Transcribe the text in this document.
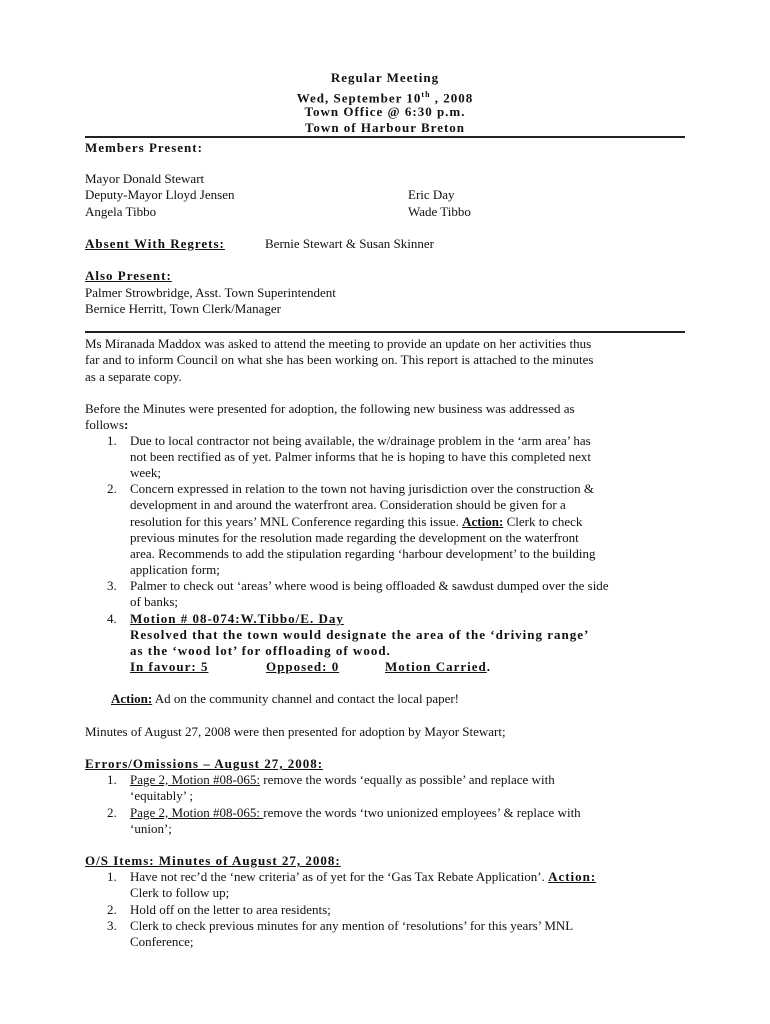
Regular Meeting
Wed, September 10th , 2008
Town Office @ 6:30 p.m.
Town of Harbour Breton
Members Present:
Mayor Donald Stewart
Deputy-Mayor Lloyd Jensen
Angela Tibbo
Eric Day
Wade Tibbo
Absent With Regrets:	Bernie Stewart & Susan Skinner
Also Present:
Palmer Strowbridge, Asst. Town Superintendent
Bernice Herritt, Town Clerk/Manager
Ms Miranada Maddox was asked to attend the meeting to provide an update on her activities thus
far and to inform Council on what she has been working on. This report is attached to the minutes
as a separate copy.
Before the Minutes were presented for adoption, the following new business was addressed as
follows:
1. Due to local contractor not being available, the w/drainage problem in the ‘arm area’ has
not been rectified as of yet. Palmer informs that he is hoping to have this completed next
week;
2. Concern expressed in relation to the town not having jurisdiction over the construction &
development in and around the waterfront area. Consideration should be given for a
resolution for this years’ MNL Conference regarding this issue. Action: Clerk to check
previous minutes for the resolution made regarding the development on the waterfront
area. Recommends to add the stipulation regarding ‘harbour development’ to the building
application form;
3. Palmer to check out ‘areas’ where wood is being offloaded & sawdust dumped over the side
of banks;
4. Motion # 08-074:W.Tibbo/E. Day
Resolved that the town would designate the area of the ‘driving range’
as the ‘wood lot’ for offloading of wood.
In favour: 5	Opposed: 0	Motion Carried.
Action: Ad on the community channel and contact the local paper!
Minutes of August 27, 2008 were then presented for adoption by Mayor Stewart;
Errors/Omissions – August 27, 2008:
1. Page 2, Motion #08-065: remove the words ‘equally as possible’ and replace with
‘equitably’ ;
2. Page 2, Motion #08-065: remove the words ‘two unionized employees’ & replace with
‘union’;
O/S Items: Minutes of August 27, 2008:
1. Have not rec’d the ‘new criteria’ as of yet for the ‘Gas Tax Rebate Application’. Action:
Clerk to follow up;
2. Hold off on the letter to area residents;
3. Clerk to check previous minutes for any mention of ‘resolutions’ for this years’ MNL
Conference;
